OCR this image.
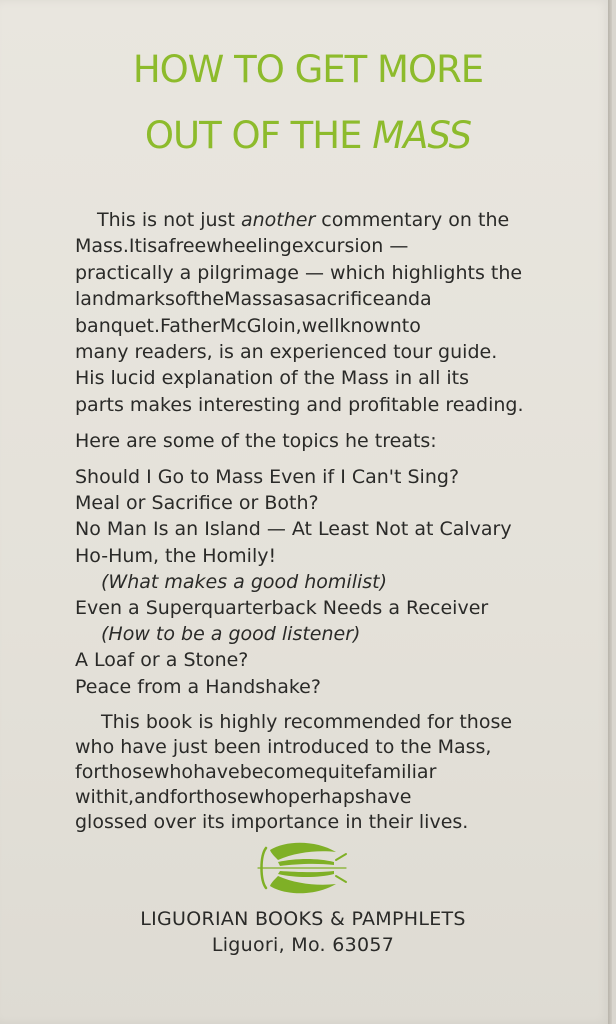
HOW TO GET MORE
OUT OF THE MASS
This is not just another commentary on the
Mass.Itisafreewheelingexcursion —
practically a pilgrimage — which highlights the
landmarksoftheMassasasacrificeanda
banquet.FatherMcGloin,wellknownto
many readers, is an experienced tour guide.
His lucid explanation of the Mass in all its
parts makes interesting and profitable reading.
Here are some of the topics he treats:
Should I Go to Mass Even if I Can't Sing?
Meal or Sacrifice or Both?
No Man Is an Island — At Least Not at Calvary
Ho-Hum, the Homily!
(What makes a good homilist)
Even a Superquarterback Needs a Receiver
(How to be a good listener)
A Loaf or a Stone?
Peace from a Handshake?
This book is highly recommended for those
who have just been introduced to the Mass,
forthosewhohavebecomequitefamiliar
withit,andforthosewhoperhapshave
glossed over its importance in their lives.
LIGUORIAN BOOKS & PAMPHLETS
Liguori, Mo. 63057
